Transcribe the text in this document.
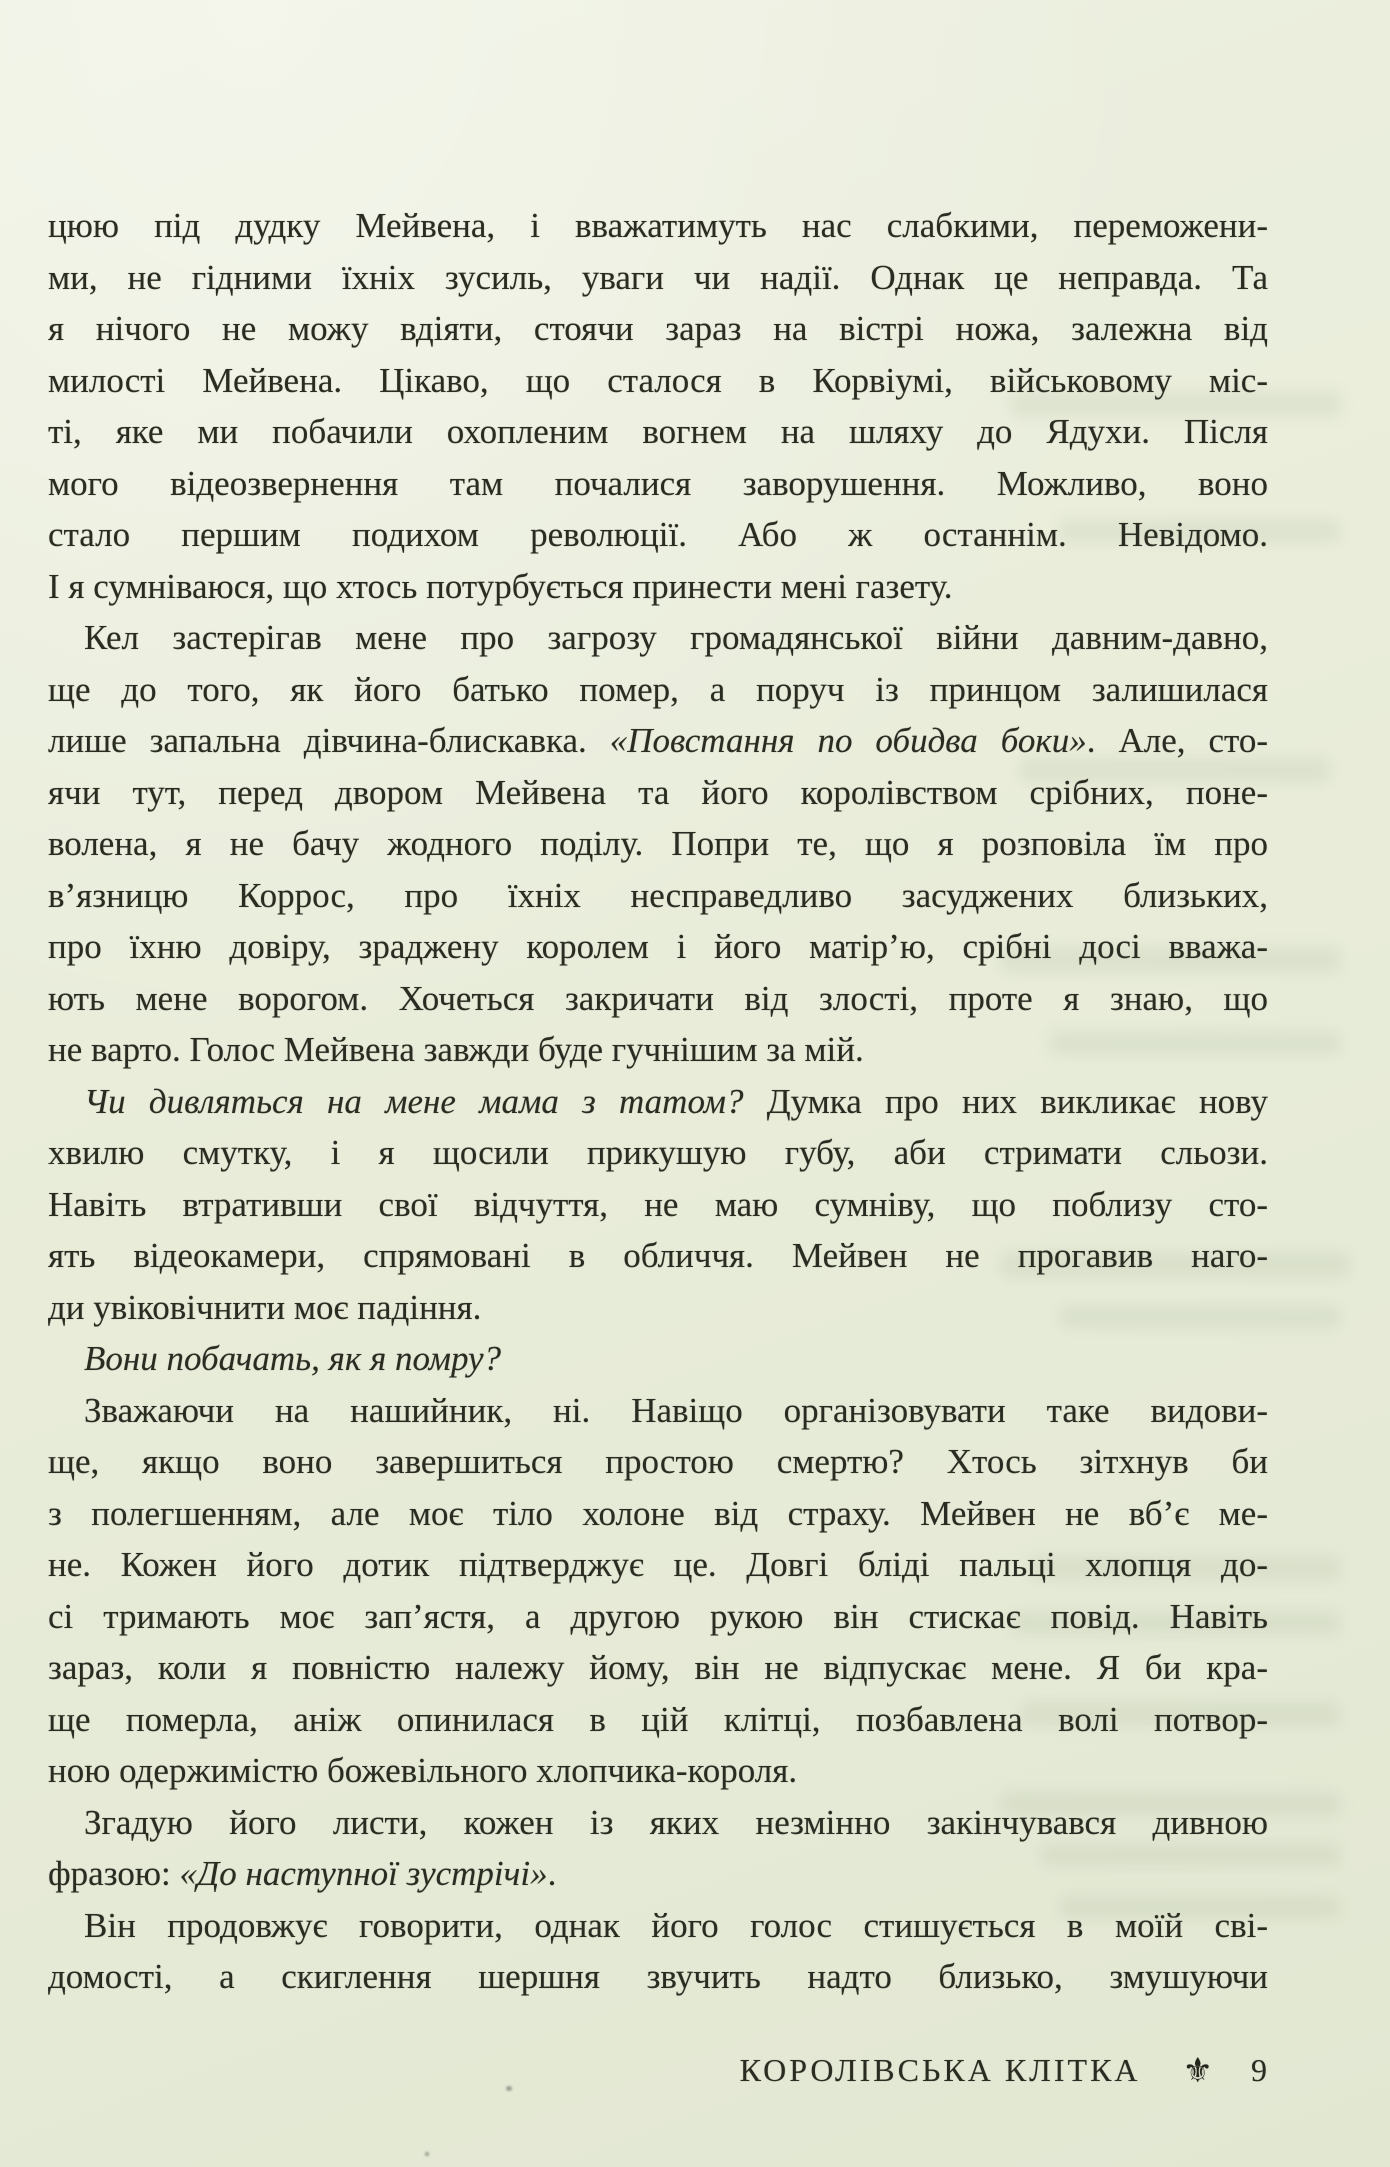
цюю під дудку Мейвена, і вважатимуть нас слабкими, переможени-
ми, не гідними їхніх зусиль, уваги чи надії. Однак це неправда. Та
я нічого не можу вдіяти, стоячи зараз на вістрі ножа, залежна від
милості Мейвена. Цікаво, що сталося в Корвіумі, військовому міс-
ті, яке ми побачили охопленим вогнем на шляху до Ядухи. Після
мого відеозвернення там почалися заворушення. Можливо, воно
стало першим подихом революції. Або ж останнім. Невідомо.
І я сумніваюся, що хтось потурбується принести мені газету.
Кел застерігав мене про загрозу громадянської війни давним-давно,
ще до того, як його батько помер, а поруч із принцом залишилася
лише запальна дівчина-блискавка. «Повстання по обидва боки». Але, сто-
ячи тут, перед двором Мейвена та його королівством срібних, поне-
волена, я не бачу жодного поділу. Попри те, що я розповіла їм про
в’язницю Коррос, про їхніх несправедливо засуджених близьких,
про їхню довіру, зраджену королем і його матір’ю, срібні досі вважа-
ють мене ворогом. Хочеться закричати від злості, проте я знаю, що
не варто. Голос Мейвена завжди буде гучнішим за мій.
Чи дивляться на мене мама з татом? Думка про них викликає нову
хвилю смутку, і я щосили прикушую губу, аби стримати сльози.
Навіть втративши свої відчуття, не маю сумніву, що поблизу сто-
ять відеокамери, спрямовані в обличчя. Мейвен не прогавив наго-
ди увіковічнити моє падіння.
Вони побачать, як я помру?
Зважаючи на нашийник, ні. Навіщо організовувати таке видови-
ще, якщо воно завершиться простою смертю? Хтось зітхнув би
з полегшенням, але моє тіло холоне від страху. Мейвен не вб’є ме-
не. Кожен його дотик підтверджує це. Довгі бліді пальці хлопця до-
сі тримають моє зап’ястя, а другою рукою він стискає повід. Навіть
зараз, коли я повністю належу йому, він не відпускає мене. Я би кра-
ще померла, аніж опинилася в цій клітці, позбавлена волі потвор-
ною одержимістю божевільного хлопчика-короля.
Згадую його листи, кожен із яких незмінно закінчувався дивною
фразою: «До наступної зустрічі».
Він продовжує говорити, однак його голос стишується в моїй сві-
домості, а скиглення шершня звучить надто близько, змушуючи
КОРОЛІВСЬКА КЛІТКА ⚜ 9
